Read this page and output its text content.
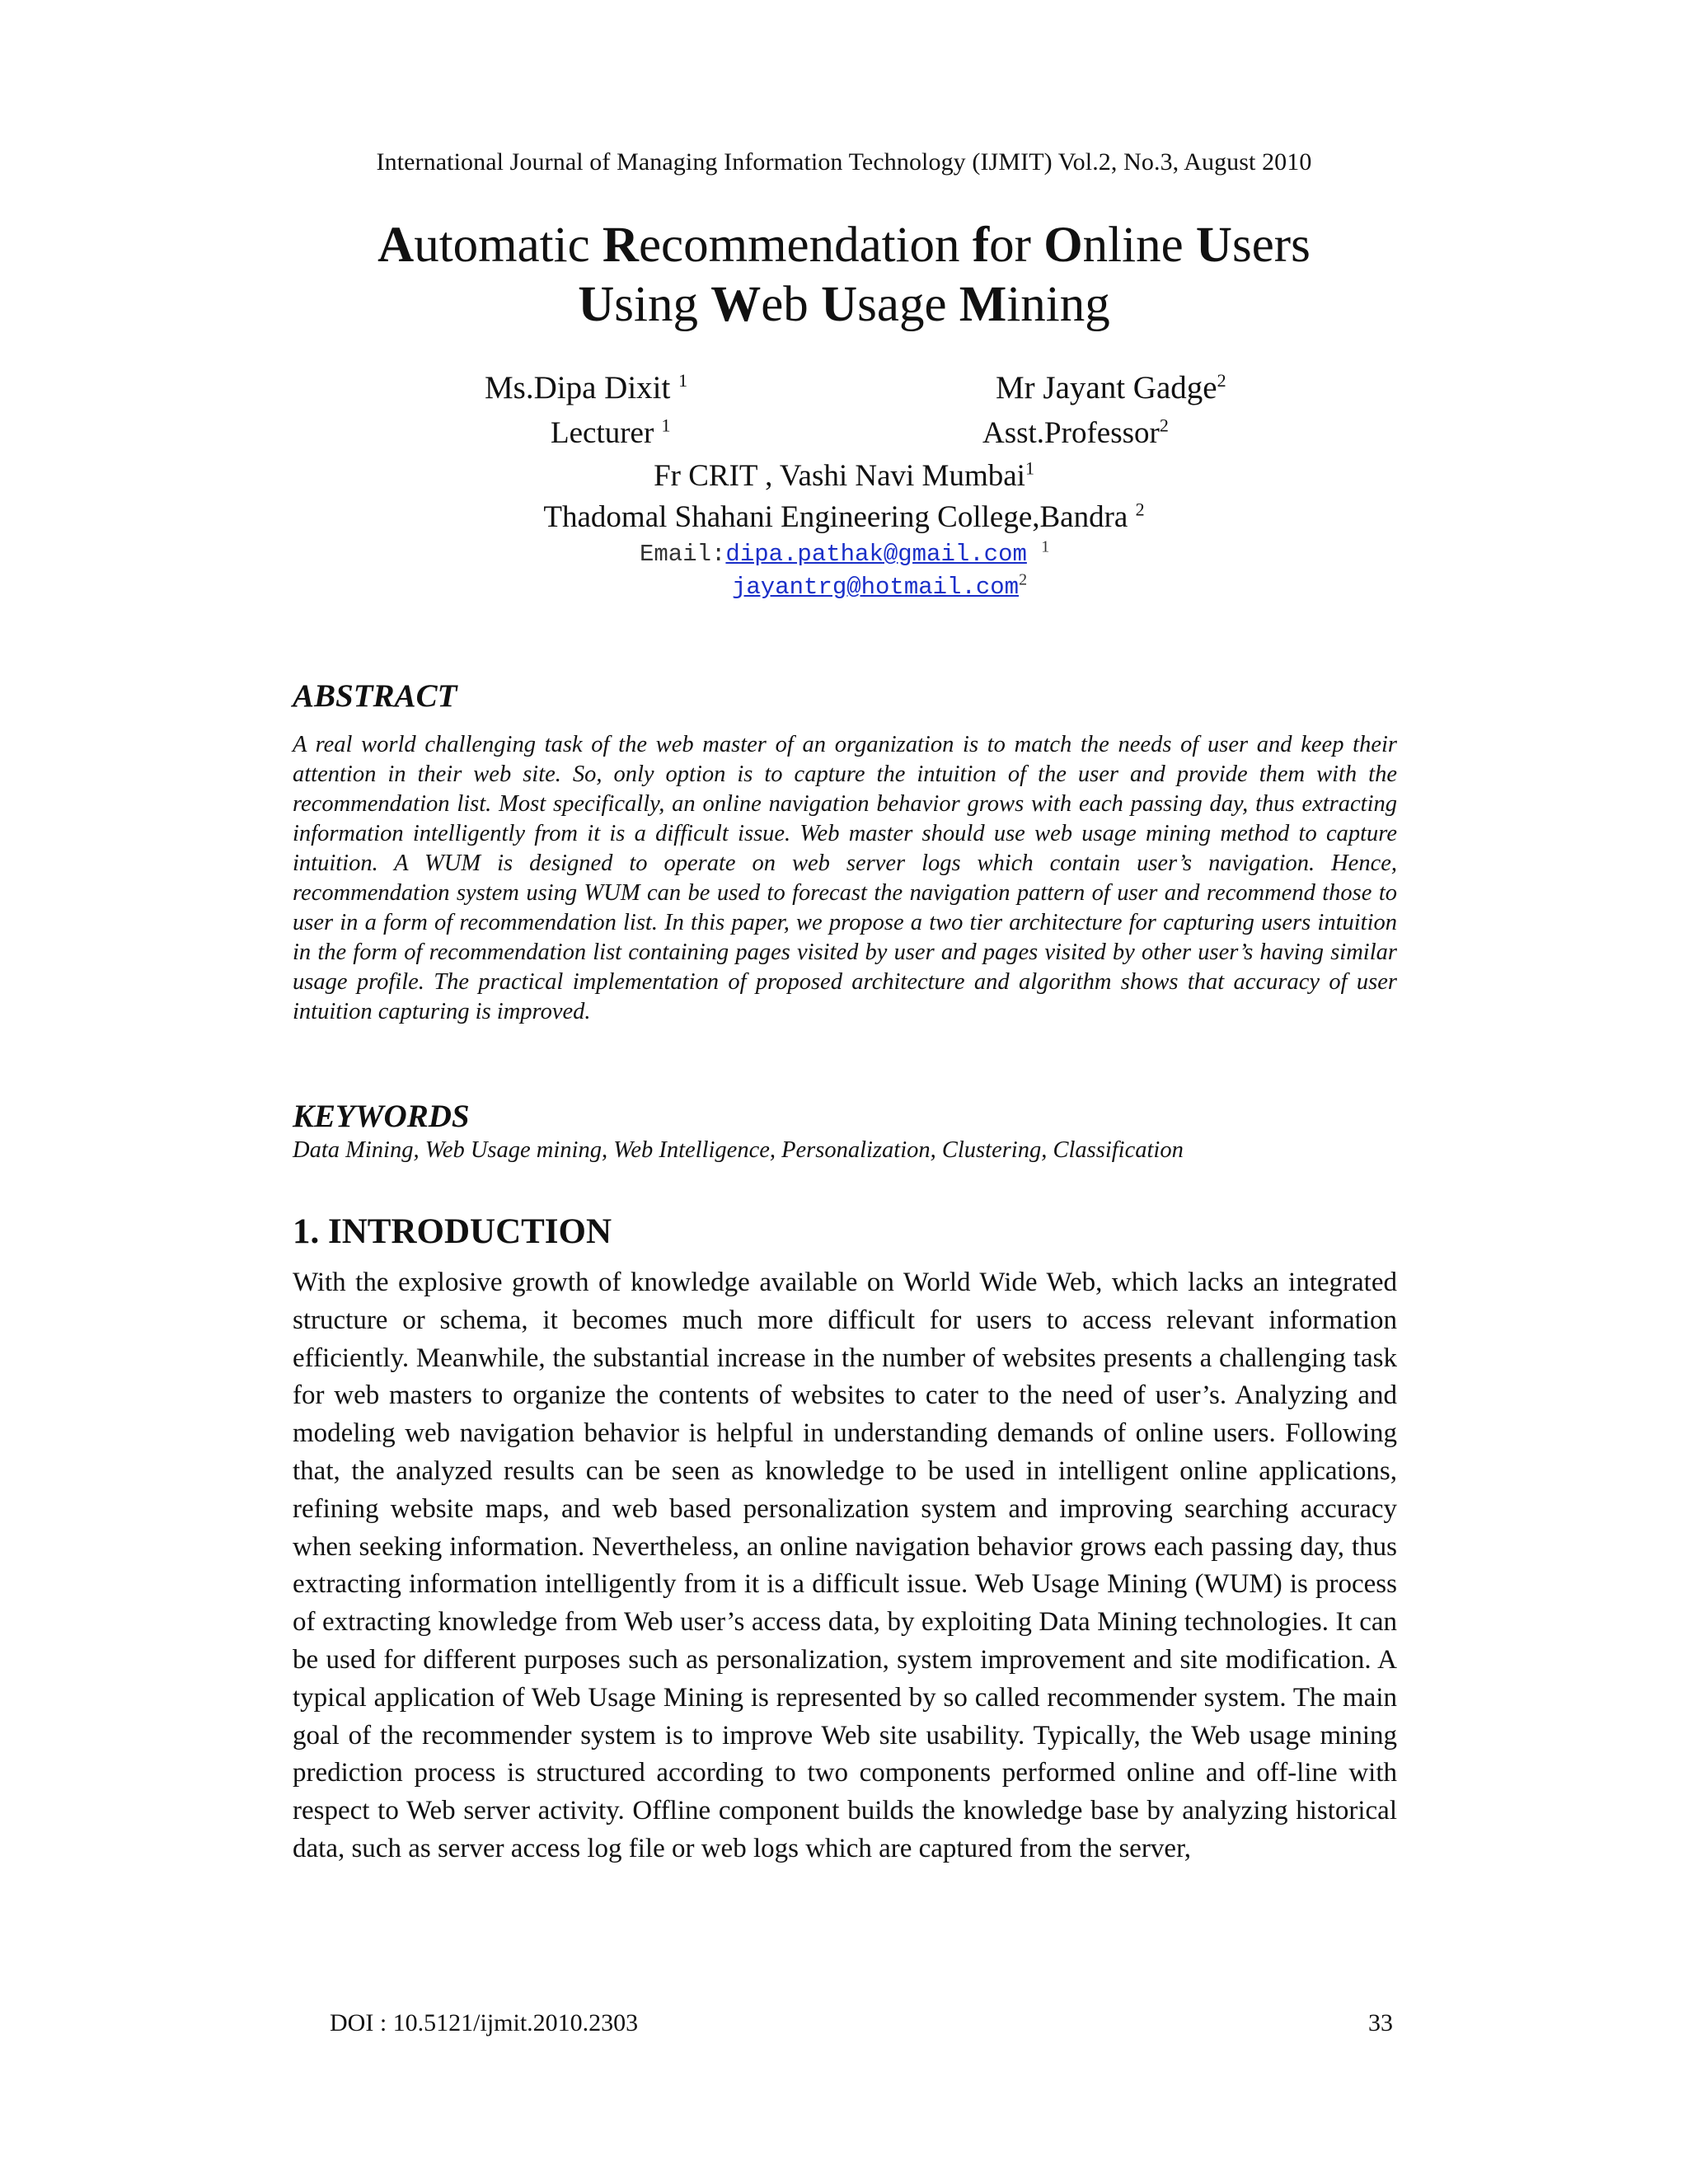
International Journal of Managing Information Technology (IJMIT) Vol.2, No.3, August 2010
Automatic Recommendation for Online Users
Using Web Usage Mining
Ms.Dipa Dixit $^1$
Lecturer $^1$
Mr Jayant Gadge$^2$
Asst.Professor$^2$
Fr CRIT , Vashi Navi Mumbai$^1$
Thadomal Shahani Engineering College,Bandra $^2$
Email:dipa.pathak@gmail.com $^1$
jayantrg@hotmail.com$^2$
ABSTRACT

A real world challenging task of the web master of an organization is to match the needs of user and keep their attention in their web site. So, only option is to capture the intuition of the user and provide them with the recommendation list. Most specifically, an online navigation behavior grows with each passing day, thus extracting information intelligently from it is a difficult issue. Web master should use web usage mining method to capture intuition. A WUM is designed to operate on web server logs which contain user’s navigation. Hence, recommendation system using WUM can be used to forecast the navigation pattern of user and recommend those to user in a form of recommendation list. In this paper, we propose a two tier architecture for capturing users intuition in the form of recommendation list containing pages visited by user and pages visited by other user’s having similar usage profile. The practical implementation of proposed architecture and algorithm shows that accuracy of user intuition capturing is improved.

KEYWORDS

Data Mining, Web Usage mining, Web Intelligence, Personalization, Clustering, Classification

1. INTRODUCTION

With the explosive growth of knowledge available on World Wide Web, which lacks an integrated structure or schema, it becomes much more difficult for users to access relevant information efficiently. Meanwhile, the substantial increase in the number of websites presents a challenging task for web masters to organize the contents of websites to cater to the need of user’s. Analyzing and modeling web navigation behavior is helpful in understanding demands of online users. Following that, the analyzed results can be seen as knowledge to be used in intelligent online applications, refining website maps, and web based personalization system and improving searching accuracy when seeking information. Nevertheless, an online navigation behavior grows each passing day, thus extracting information intelligently from it is a difficult issue. Web Usage Mining (WUM) is process of extracting knowledge from Web user’s access data, by exploiting Data Mining technologies. It can be used for different purposes such as personalization, system improvement and site modification. A typical application of Web Usage Mining is represented by so called recommender system. The main goal of the recommender system is to improve Web site usability. Typically, the Web usage mining prediction process is structured according to two components performed online and off-line with respect to Web server activity. Offline component builds the knowledge base by analyzing historical data, such as server access log file or web logs which are captured from the server,

DOI : 10.5121/ijmit.2010.2303	33
